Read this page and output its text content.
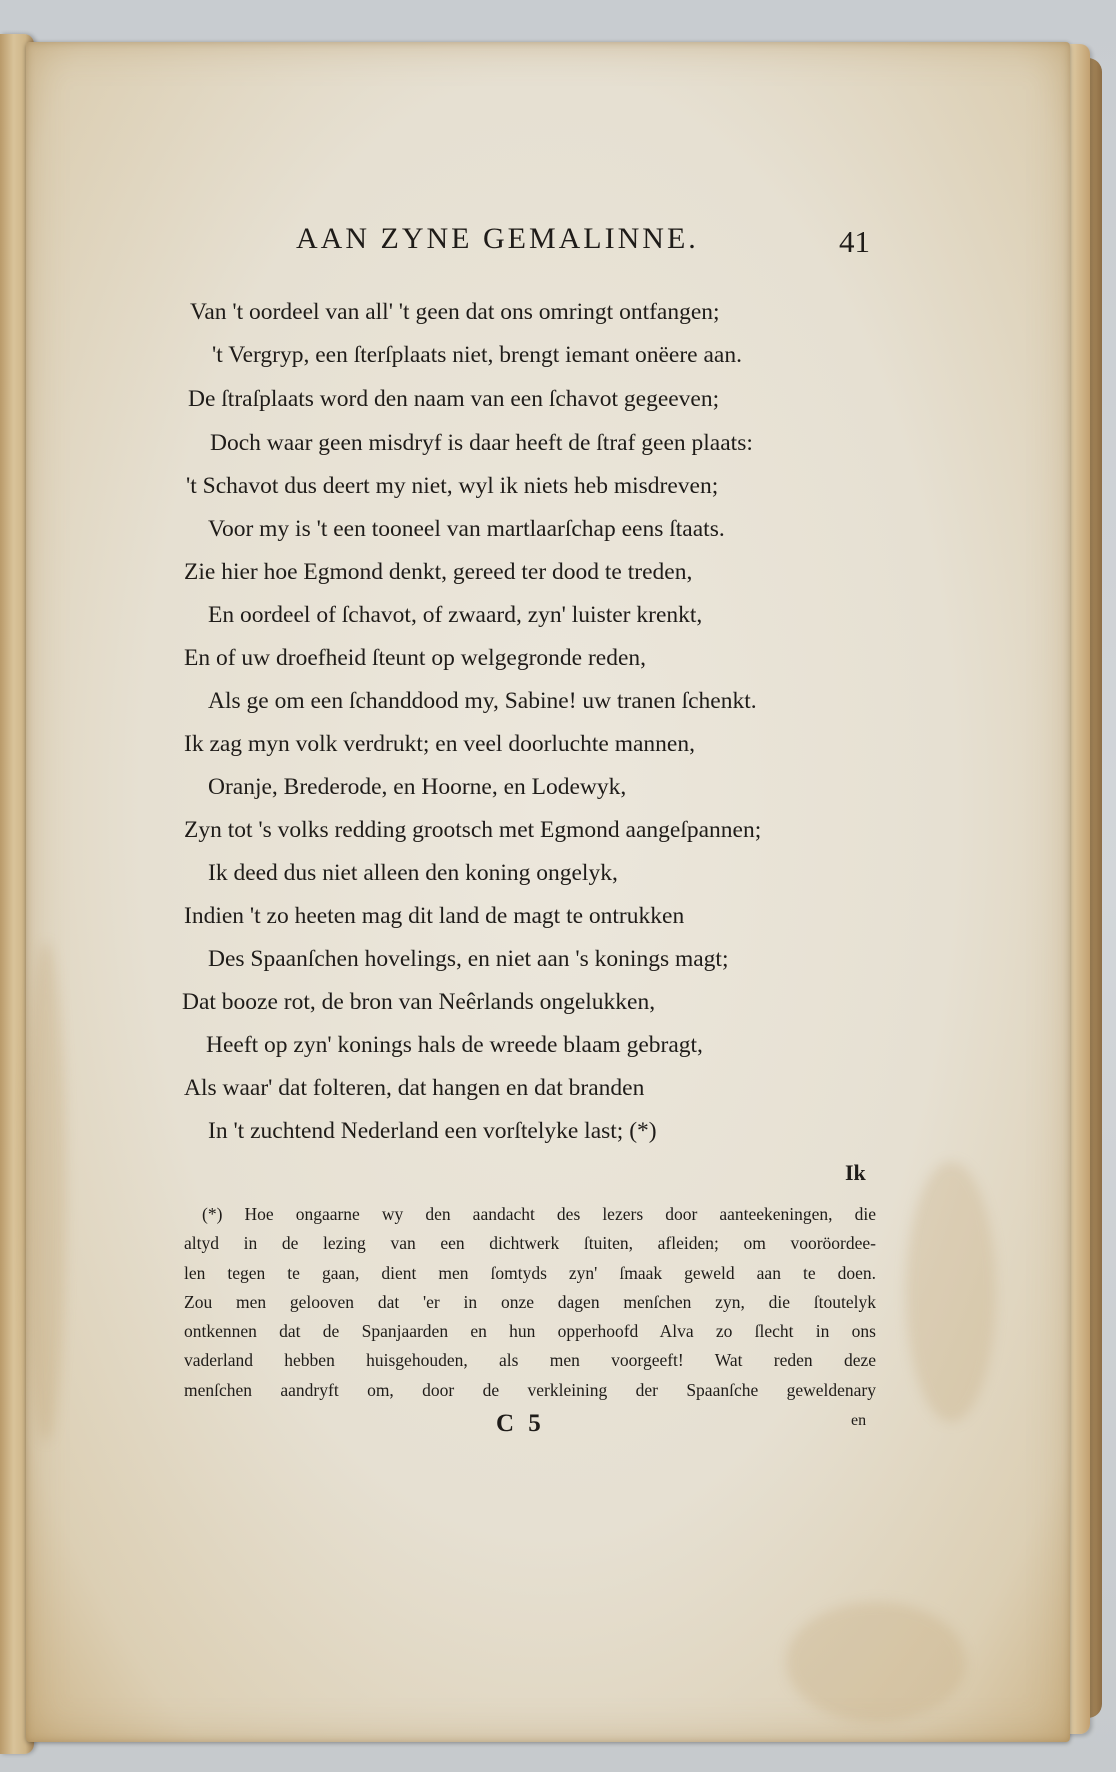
AAN ZYNE GEMALINNE.	41
Van 't oordeel van all' 't geen dat ons omringt ontfangen;
't Vergryp, een ſterſplaats niet, brengt iemant onëere aan.
De ſtraſplaats word den naam van een ſchavot gegeeven;
Doch waar geen misdryf is daar heeft de ſtraf geen plaats:
't Schavot dus deert my niet, wyl ik niets heb misdreven;
Voor my is 't een tooneel van martlaarſchap eens ſtaats.
Zie hier hoe Egmond denkt, gereed ter dood te treden,
En oordeel of ſchavot, of zwaard, zyn' luister krenkt,
En of uw droefheid ſteunt op welgegronde reden,
Als ge om een ſchanddood my, Sabine! uw tranen ſchenkt.
Ik zag myn volk verdrukt; en veel doorluchte mannen,
Oranje, Brederode, en Hoorne, en Lodewyk,
Zyn tot 's volks redding grootsch met Egmond aangeſpannen;
Ik deed dus niet alleen den koning ongelyk,
Indien 't zo heeten mag dit land de magt te ontrukken
Des Spaanſchen hovelings, en niet aan 's konings magt;
Dat booze rot, de bron van Neêrlands ongelukken,
Heeft op zyn' konings hals de wreede blaam gebragt,
Als waar' dat folteren, dat hangen en dat branden
In 't zuchtend Nederland een vorſtelyke last; (*)
Ik
(*) Hoe ongaarne wy den aandacht des lezers door aanteekeningen, die
altyd in de lezing van een dichtwerk ſtuiten, afleiden; om vooröordee-
len tegen te gaan, dient men ſomtyds zyn' ſmaak geweld aan te doen.
Zou men gelooven dat 'er in onze dagen menſchen zyn, die ſtoutelyk
ontkennen dat de Spanjaarden en hun opperhoofd Alva zo ſlecht in ons
vaderland hebben huisgehouden, als men voorgeeft! Wat reden deze
menſchen aandryft om, door de verkleining der Spaanſche geweldenary
C 5	en
